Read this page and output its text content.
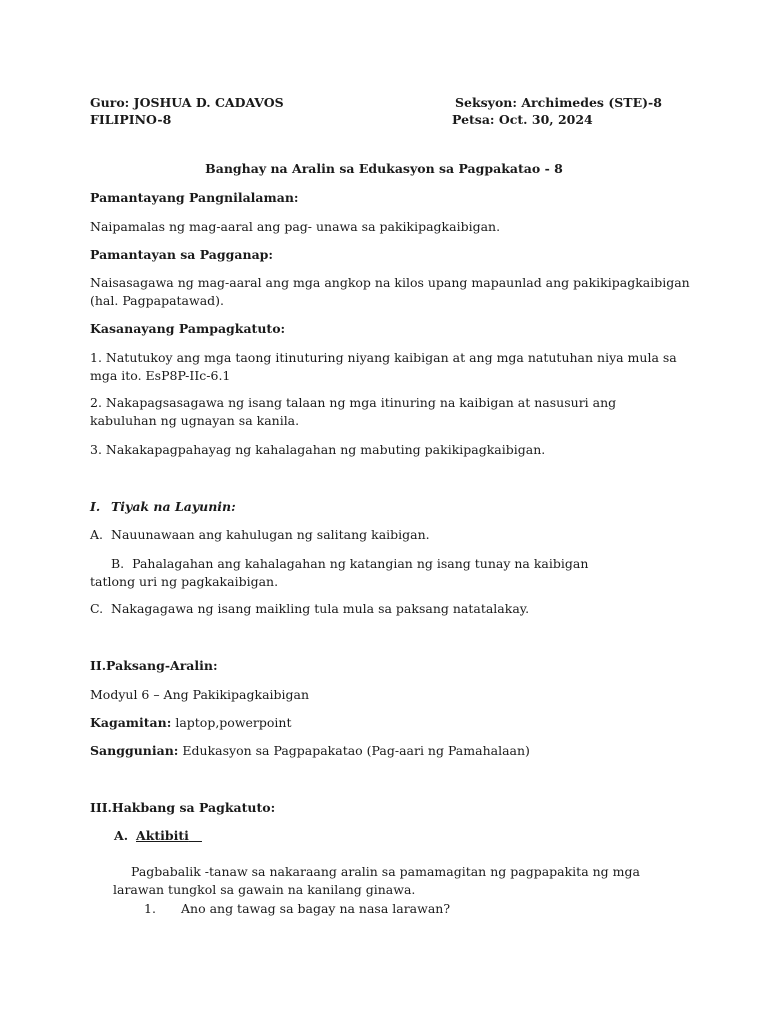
Guro: JOSHUA D. CADAVOS	Seksyon: Archimedes (STE)-8
FILIPINO-8	Petsa: Oct. 30, 2024
Banghay na Aralin sa Edukasyon sa Pagpakatao - 8
Pamantayang Pangnilalaman:
Naipamalas ng mag-aaral ang pag- unawa sa pakikipagkaibigan.
Pamantayan sa Pagganap:
Naisasagawa ng mag-aaral ang mga angkop na kilos upang mapaunlad ang pakikipagkaibigan (hal. Pagpapatawad).
Kasanayang Pampagkatuto:
1. Natutukoy ang mga taong itinuturing niyang kaibigan at ang mga natutuhan niya mula sa mga ito. EsP8P-IIc-6.1
2. Nakapagsasagawa ng isang talaan ng mga itinuring na kaibigan at nasusuri ang kabuluhan ng ugnayan sa kanila.
3. Nakakapagpahayag ng kahalagahan ng mabuting pakikipagkaibigan.
I. Tiyak na Layunin:
A. Nauunawaan ang kahulugan ng salitang kaibigan.
B.  Pahalagahan ang kahalagahan ng katangian ng isang tunay na kaibigan tatlong uri ng pagkakaibigan.
C. Nakagagawa ng isang maikling tula mula sa paksang natatalakay.
II.Paksang-Aralin:
Modyul 6 – Ang Pakikipagkaibigan
Kagamitan: laptop,powerpoint
Sanggunian: Edukasyon sa Pagpapakatao (Pag-aari ng Pamahalaan)
III.Hakbang sa Pagkatuto:
A. Aktibiti
Pagbabalik -tanaw sa nakaraang aralin sa pamamagitan ng pagpapakita ng mga larawan tungkol sa gawain na kanilang ginawa.
1. Ano ang tawag sa bagay na nasa larawan?
